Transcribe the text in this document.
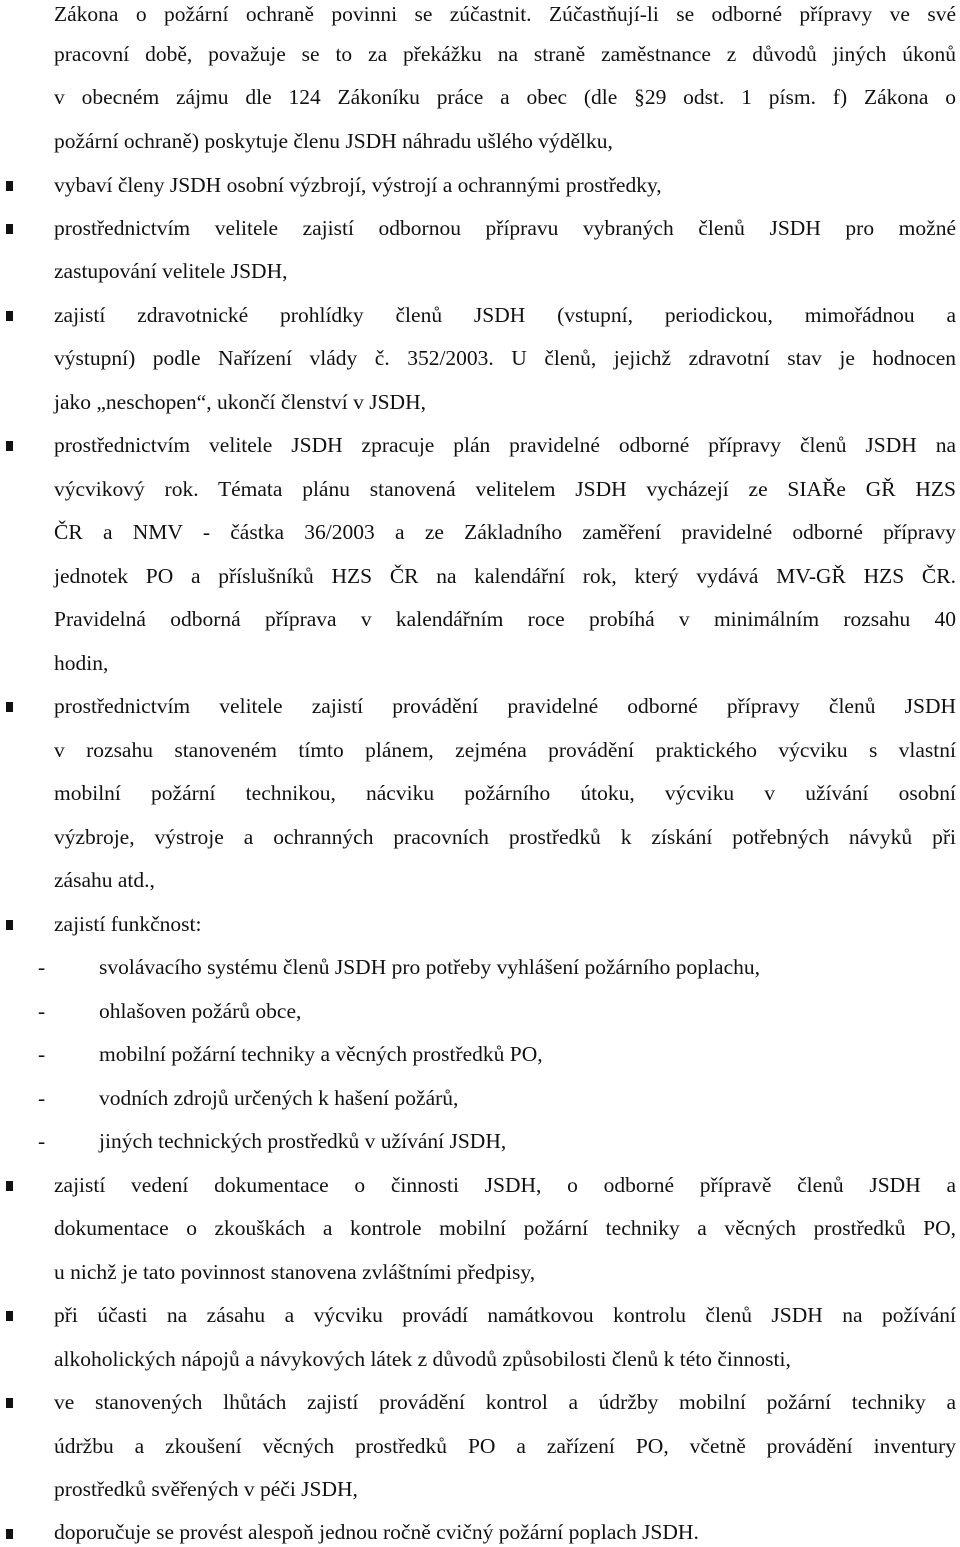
Zákona o požární ochraně povinni se zúčastnit. Zúčastňují-li se odborné přípravy ve své
pracovní době, považuje se to za překážku na straně zaměstnance z důvodů jiných úkonů
v obecném zájmu dle 124 Zákoníku práce a obec (dle §29 odst. 1 písm. f) Zákona o
požární ochraně) poskytuje členu JSDH náhradu ušlého výdělku,
vybaví členy JSDH osobní výzbrojí, výstrojí a ochrannými prostředky,
prostřednictvím velitele zajistí odbornou přípravu vybraných členů JSDH pro možné
zastupování velitele JSDH,
zajistí zdravotnické prohlídky členů JSDH (vstupní, periodickou, mimořádnou a
výstupní) podle Nařízení vlády č. 352/2003. U členů, jejichž zdravotní stav je hodnocen
jako „neschopen“, ukončí členství v JSDH,
prostřednictvím velitele JSDH zpracuje plán pravidelné odborné přípravy členů JSDH na
výcvikový rok. Témata plánu stanovená velitelem JSDH vycházejí ze SIAŘe GŘ HZS
ČR a NMV - částka 36/2003 a ze Základního zaměření pravidelné odborné přípravy
jednotek PO a příslušníků HZS ČR na kalendářní rok, který vydává MV-GŘ HZS ČR.
Pravidelná odborná příprava v kalendářním roce probíhá v minimálním rozsahu 40
hodin,
prostřednictvím velitele zajistí provádění pravidelné odborné přípravy členů JSDH
v rozsahu stanoveném tímto plánem, zejména provádění praktického výcviku s vlastní
mobilní požární technikou, nácviku požárního útoku, výcviku v užívání osobní
výzbroje, výstroje a ochranných pracovních prostředků k získání potřebných návyků při
zásahu atd.,
zajistí funkčnost:
-	svolávacího systému členů JSDH pro potřeby vyhlášení požárního poplachu,
-	ohlašoven požárů obce,
-	mobilní požární techniky a věcných prostředků PO,
-	vodních zdrojů určených k hašení požárů,
-	jiných technických prostředků v užívání JSDH,
zajistí vedení dokumentace o činnosti JSDH, o odborné přípravě členů JSDH a
dokumentace o zkouškách a kontrole mobilní požární techniky a věcných prostředků PO,
u nichž je tato povinnost stanovena zvláštními předpisy,
při účasti na zásahu a výcviku provádí namátkovou kontrolu členů JSDH na požívání
alkoholických nápojů a návykových látek z důvodů způsobilosti členů k této činnosti,
ve stanovených lhůtách zajistí provádění kontrol a údržby mobilní požární techniky a
údržbu a zkoušení věcných prostředků PO a zařízení PO, včetně provádění inventury
prostředků svěřených v péči JSDH,
doporučuje se provést alespoň jednou ročně cvičný požární poplach JSDH.
